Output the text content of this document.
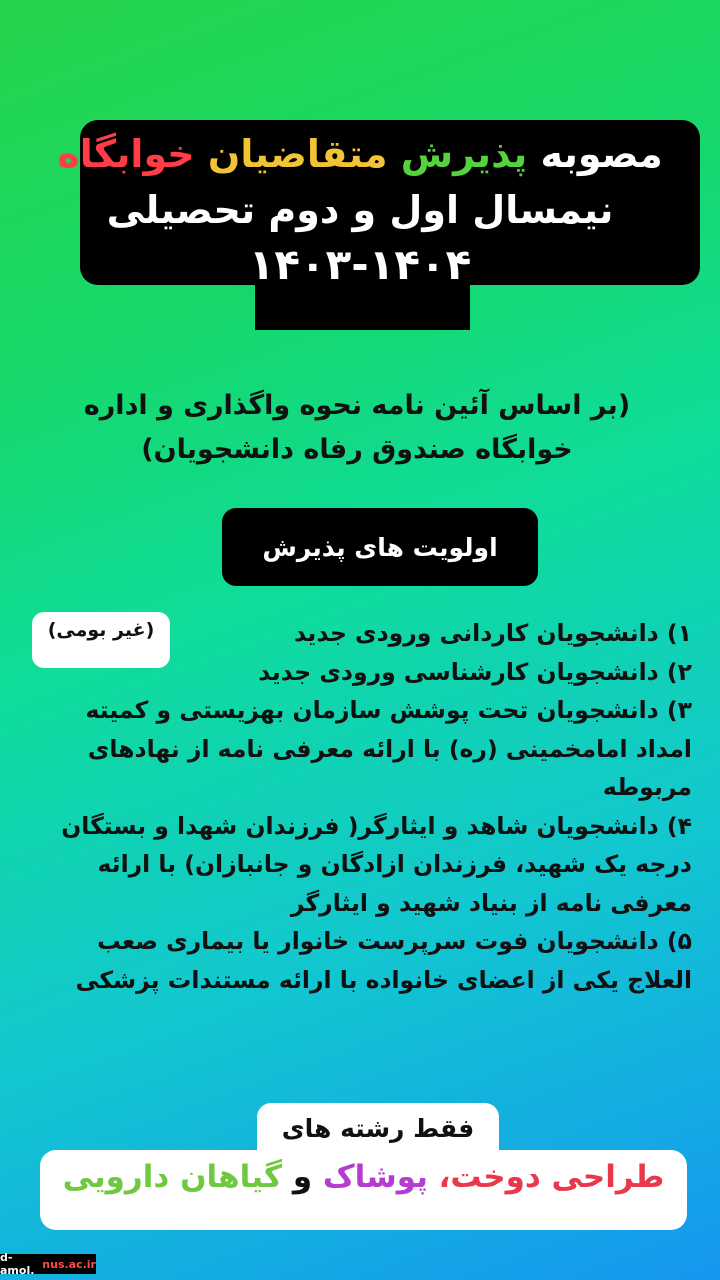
مصوبه پذیرش متقاضیان خوابگاه
نیمسال اول و دوم تحصیلی
۱۴۰۳-۱۴۰۴
(بر اساس آئین نامه نحوه واگذاری و اداره خوابگاه صندوق رفاه دانشجویان)
اولویت های پذیرش
(غیر بومی)	۱) دانشجویان کاردانی ورودی جدید
۲) دانشجویان کارشناسی ورودی جدید
۳) دانشجویان تحت پوشش سازمان بهزیستی و کمیته امداد امامخمینی (ره) با ارائه معرفی نامه از نهادهای مربوطه
۴) دانشجویان شاهد و ایثارگر( فرزندان شهدا و بستگان درجه یک شهید، فرزندان ازادگان و جانبازان) با ارائه معرفی نامه از بنیاد شهید و ایثارگر
۵) دانشجویان فوت سرپرست خانوار یا بیماری صعب العلاج یکی از اعضای خانواده با ارائه مستندات پزشکی
فقط رشته های
طراحی دوخت، پوشاک و گیاهان دارویی
d-amol. nus.ac.ir
